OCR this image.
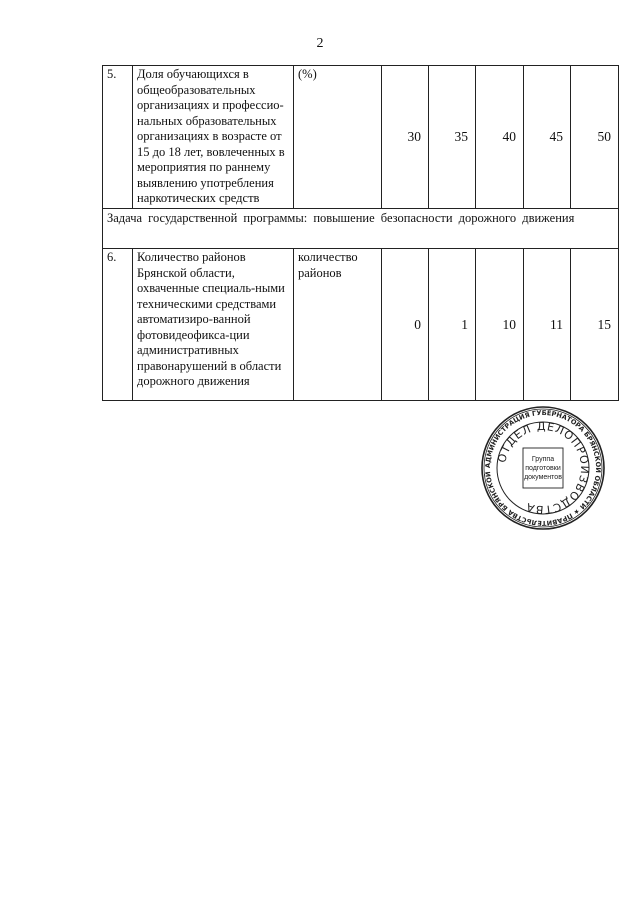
2
5.	Доля обучающихся в общеобразовательных организациях и профессио-нальных образовательных организациях в возрасте от 15 до 18 лет, вовлеченных в мероприятия по раннему выявлению употребления наркотических средств	(%)	30	35	40	45	50
Задача государственной программы: повышение безопасности дорожного движения							
6.	Количество районов Брянской области, охваченные специаль-ными техническими средствами автоматизиро-ванной фотовидеофикса-ции административных правонарушений в области дорожного движения	количество районов	0	1	10	11	15
АДМИНИСТРАЦИЯ ГУБЕРНАТОРА БРЯНСКОЙ ОБЛАСТИ ★ ПРАВИТЕЛЬСТВА БРЯНСКОЙ
ОТДЕЛ ДЕЛОПРОИЗВОДСТВА
Группа подготовки документов
